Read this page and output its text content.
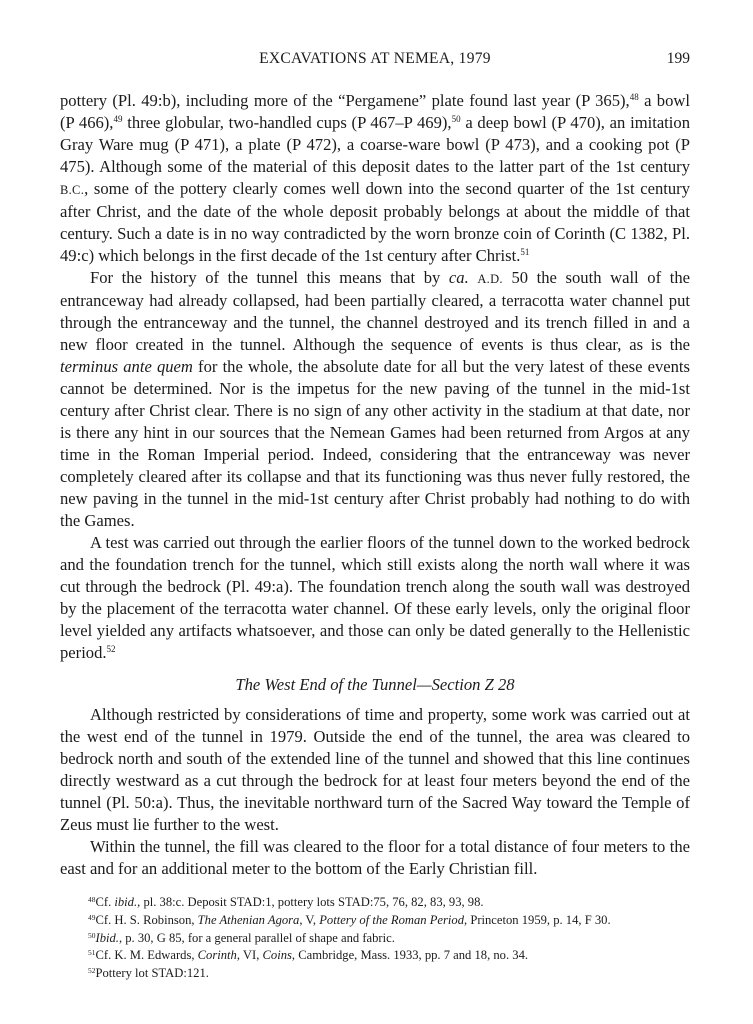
EXCAVATIONS AT NEMEA, 1979	199

pottery (Pl. 49:b), including more of the “Pergamene” plate found last year (P 365),$^{48}$ a bowl (P 466),$^{49}$ three globular, two-handled cups (P 467–P 469),$^{50}$ a deep bowl (P 470), an imitation Gray Ware mug (P 471), a plate (P 472), a coarse-ware bowl (P 473), and a cooking pot (P 475). Although some of the material of this deposit dates to the latter part of the 1st century B.C., some of the pottery clearly comes well down into the second quarter of the 1st century after Christ, and the date of the whole deposit probably belongs at about the middle of that century. Such a date is in no way contradicted by the worn bronze coin of Corinth (C 1382, Pl. 49:c) which belongs in the first decade of the 1st century after Christ.$^{51}$

For the history of the tunnel this means that by ca. A.D. 50 the south wall of the entranceway had already collapsed, had been partially cleared, a terracotta water channel put through the entranceway and the tunnel, the channel destroyed and its trench filled in and a new floor created in the tunnel. Although the sequence of events is thus clear, as is the terminus ante quem for the whole, the absolute date for all but the very latest of these events cannot be determined. Nor is the impetus for the new paving of the tunnel in the mid-1st century after Christ clear. There is no sign of any other activity in the stadium at that date, nor is there any hint in our sources that the Nemean Games had been returned from Argos at any time in the Roman Imperial period. Indeed, considering that the entranceway was never completely cleared after its collapse and that its functioning was thus never fully restored, the new paving in the tunnel in the mid-1st century after Christ probably had nothing to do with the Games.

A test was carried out through the earlier floors of the tunnel down to the worked bedrock and the foundation trench for the tunnel, which still exists along the north wall where it was cut through the bedrock (Pl. 49:a). The foundation trench along the south wall was destroyed by the placement of the terracotta water channel. Of these early levels, only the original floor level yielded any artifacts whatsoever, and those can only be dated generally to the Hellenistic period.$^{52}$

The West End of the Tunnel—Section Z 28

Although restricted by considerations of time and property, some work was carried out at the west end of the tunnel in 1979. Outside the end of the tunnel, the area was cleared to bedrock north and south of the extended line of the tunnel and showed that this line continues directly westward as a cut through the bedrock for at least four meters beyond the end of the tunnel (Pl. 50:a). Thus, the inevitable northward turn of the Sacred Way toward the Temple of Zeus must lie further to the west.

Within the tunnel, the fill was cleared to the floor for a total distance of four meters to the east and for an additional meter to the bottom of the Early Christian fill.

$^{48}$Cf. ibid., pl. 38:c. Deposit STAD:1, pottery lots STAD:75, 76, 82, 83, 93, 98.
$^{49}$Cf. H. S. Robinson, The Athenian Agora, V, Pottery of the Roman Period, Princeton 1959, p. 14, F 30.
$^{50}$Ibid., p. 30, G 85, for a general parallel of shape and fabric.
$^{51}$Cf. K. M. Edwards, Corinth, VI, Coins, Cambridge, Mass. 1933, pp. 7 and 18, no. 34.
$^{52}$Pottery lot STAD:121.
